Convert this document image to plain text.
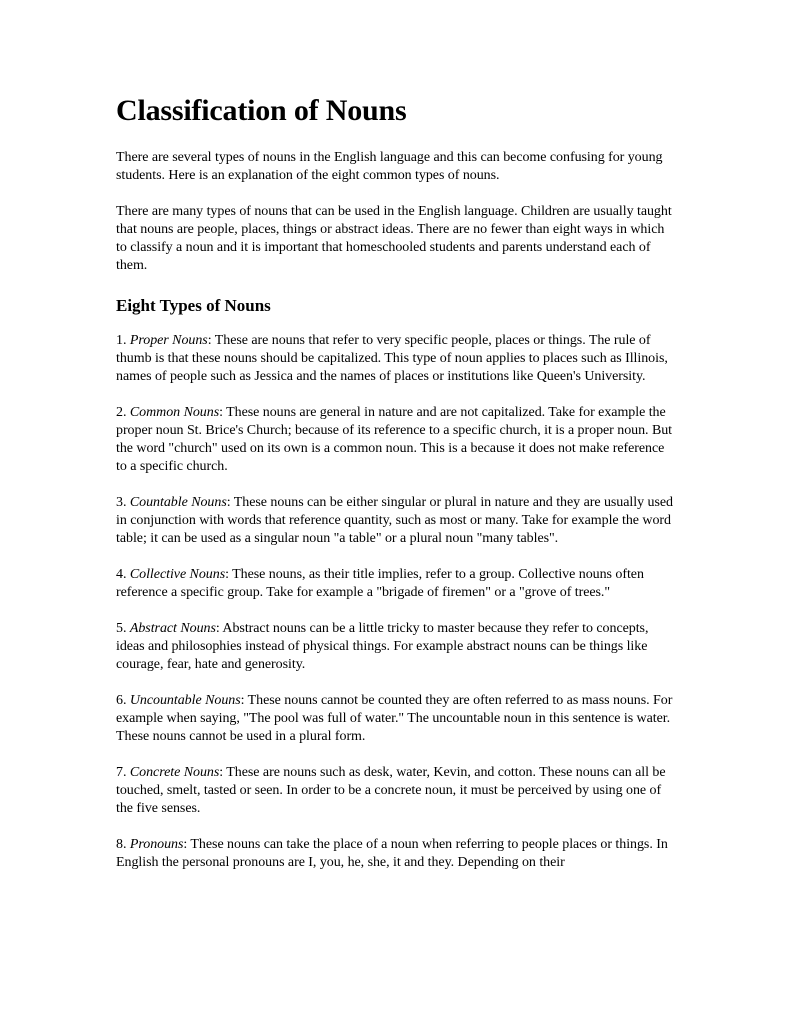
Classification of Nouns

There are several types of nouns in the English language and this can become confusing for young students. Here is an explanation of the eight common types of nouns.

There are many types of nouns that can be used in the English language. Children are usually taught that nouns are people, places, things or abstract ideas. There are no fewer than eight ways in which to classify a noun and it is important that homeschooled students and parents understand each of them.

Eight Types of Nouns

1. Proper Nouns: These are nouns that refer to very specific people, places or things. The rule of thumb is that these nouns should be capitalized. This type of noun applies to places such as Illinois, names of people such as Jessica and the names of places or institutions like Queen's University.

2. Common Nouns: These nouns are general in nature and are not capitalized. Take for example the proper noun St. Brice's Church; because of its reference to a specific church, it is a proper noun. But the word "church" used on its own is a common noun. This is a because it does not make reference to a specific church.

3. Countable Nouns: These nouns can be either singular or plural in nature and they are usually used in conjunction with words that reference quantity, such as most or many. Take for example the word table; it can be used as a singular noun "a table" or a plural noun "many tables".

4. Collective Nouns: These nouns, as their title implies, refer to a group. Collective nouns often reference a specific group. Take for example a "brigade of firemen" or a "grove of trees."

5. Abstract Nouns: Abstract nouns can be a little tricky to master because they refer to concepts, ideas and philosophies instead of physical things. For example abstract nouns can be things like courage, fear, hate and generosity.

6. Uncountable Nouns: These nouns cannot be counted they are often referred to as mass nouns. For example when saying, "The pool was full of water." The uncountable noun in this sentence is water. These nouns cannot be used in a plural form.

7. Concrete Nouns: These are nouns such as desk, water, Kevin, and cotton. These nouns can all be touched, smelt, tasted or seen. In order to be a concrete noun, it must be perceived by using one of the five senses.

8. Pronouns: These nouns can take the place of a noun when referring to people places or things. In English the personal pronouns are I, you, he, she, it and they. Depending on their
